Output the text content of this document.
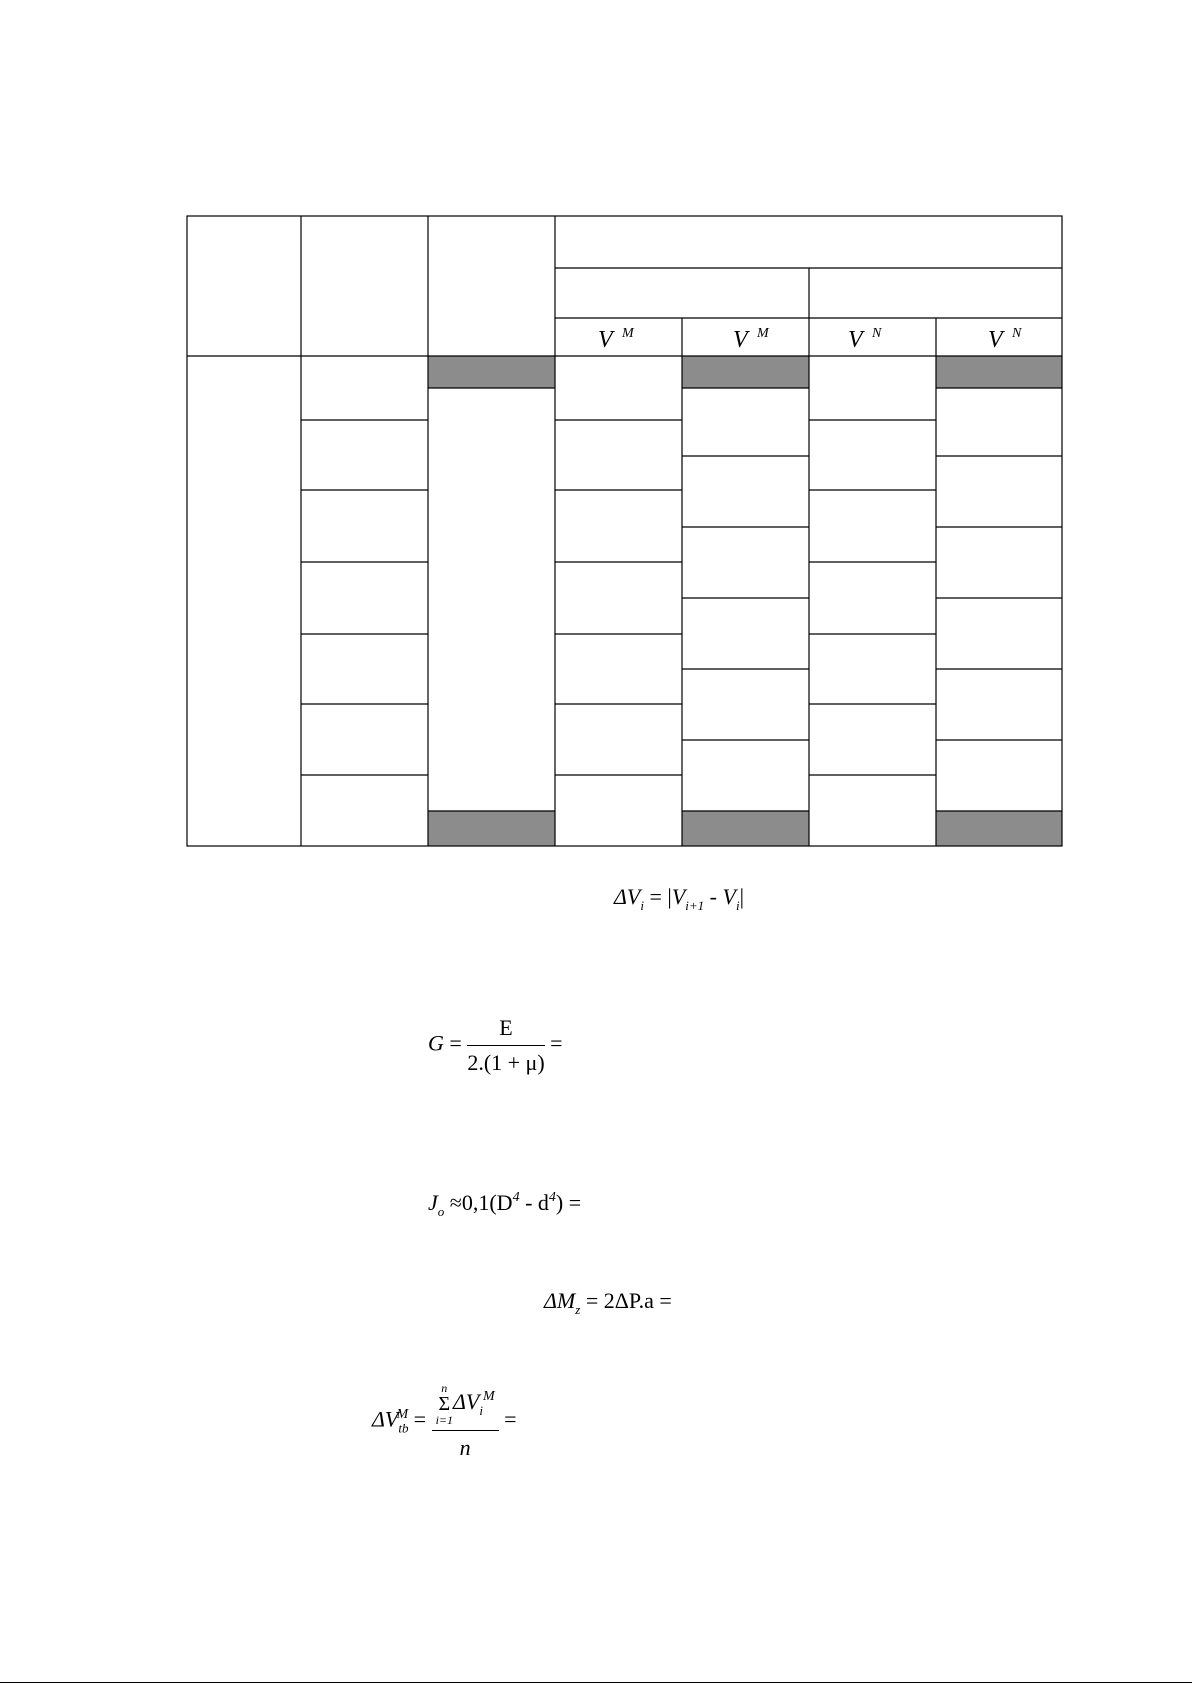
V M	V M	V N	V N
$\Delta V_i = |V_{i+1} - V_i|$
$G = \frac{E}{2.(1 + \mu)}$ =
$J_o \approx 0,1(D^4 - d^4)$ =
$\Delta M_z = 2\Delta P.a$ =
$\Delta V_{tb}^M = n$
Σ
i=1
$\Delta V_i^M$
n =
